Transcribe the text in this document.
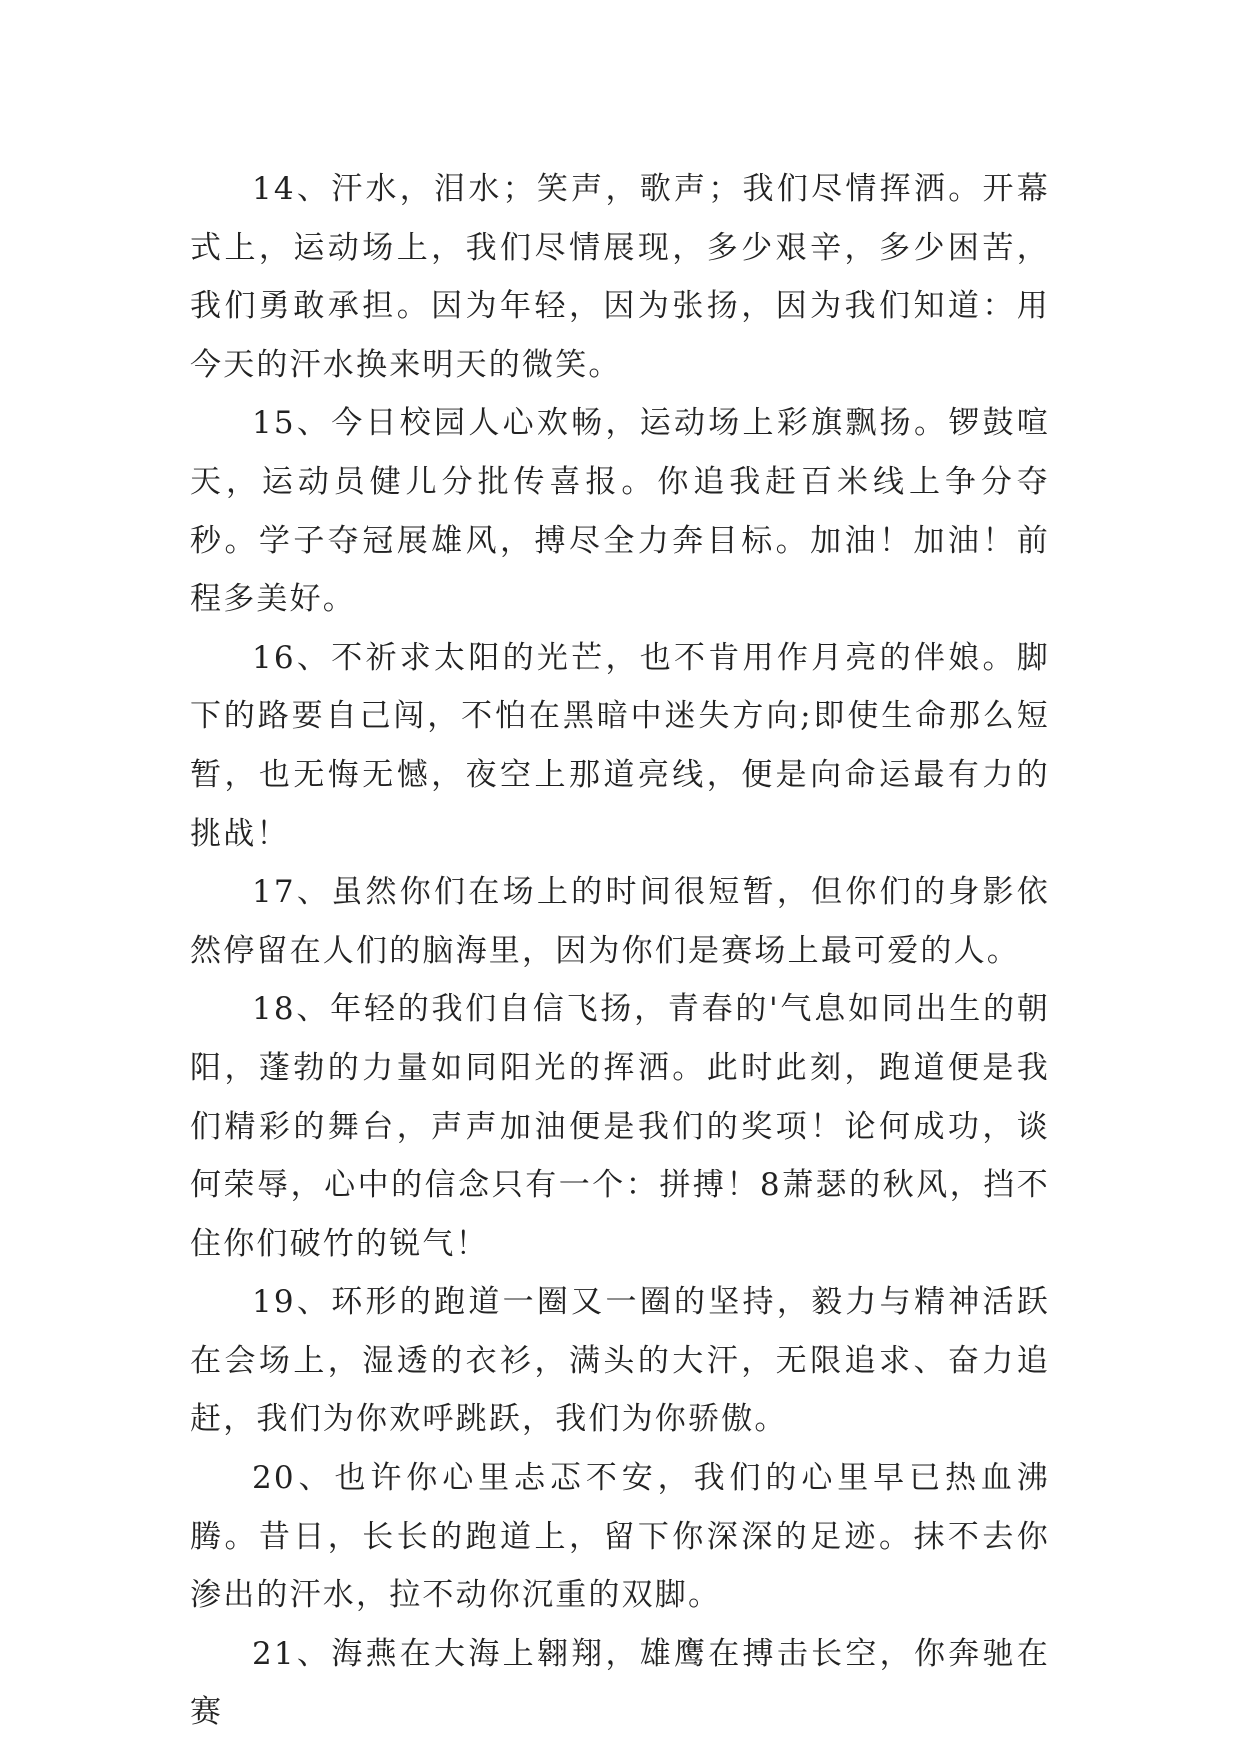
14、汗水，泪水；笑声，歌声；我们尽情挥洒。开幕式上，运动场上，我们尽情展现，多少艰辛，多少困苦，我们勇敢承担。因为年轻，因为张扬，因为我们知道：用今天的汗水换来明天的微笑。

15、今日校园人心欢畅，运动场上彩旗飘扬。锣鼓喧天，运动员健儿分批传喜报。你追我赶百米线上争分夺秒。学子夺冠展雄风，搏尽全力奔目标。加油！加油！前程多美好。

16、不祈求太阳的光芒，也不肯用作月亮的伴娘。脚下的路要自己闯，不怕在黑暗中迷失方向;即使生命那么短暂，也无悔无憾，夜空上那道亮线，便是向命运最有力的挑战！

17、虽然你们在场上的时间很短暂，但你们的身影依然停留在人们的脑海里，因为你们是赛场上最可爱的人。

18、年轻的我们自信飞扬，青春的'气息如同出生的朝阳，蓬勃的力量如同阳光的挥洒。此时此刻，跑道便是我们精彩的舞台，声声加油便是我们的奖项！论何成功，谈何荣辱，心中的信念只有一个：拼搏！8萧瑟的秋风，挡不住你们破竹的锐气！

19、环形的跑道一圈又一圈的坚持，毅力与精神活跃在会场上，湿透的衣衫，满头的大汗，无限追求、奋力追赶，我们为你欢呼跳跃，我们为你骄傲。

20、也许你心里忐忑不安，我们的心里早已热血沸腾。昔日，长长的跑道上，留下你深深的足迹。抹不去你渗出的汗水，拉不动你沉重的双脚。

21、海燕在大海上翱翔，雄鹰在搏击长空，你奔驰在赛
